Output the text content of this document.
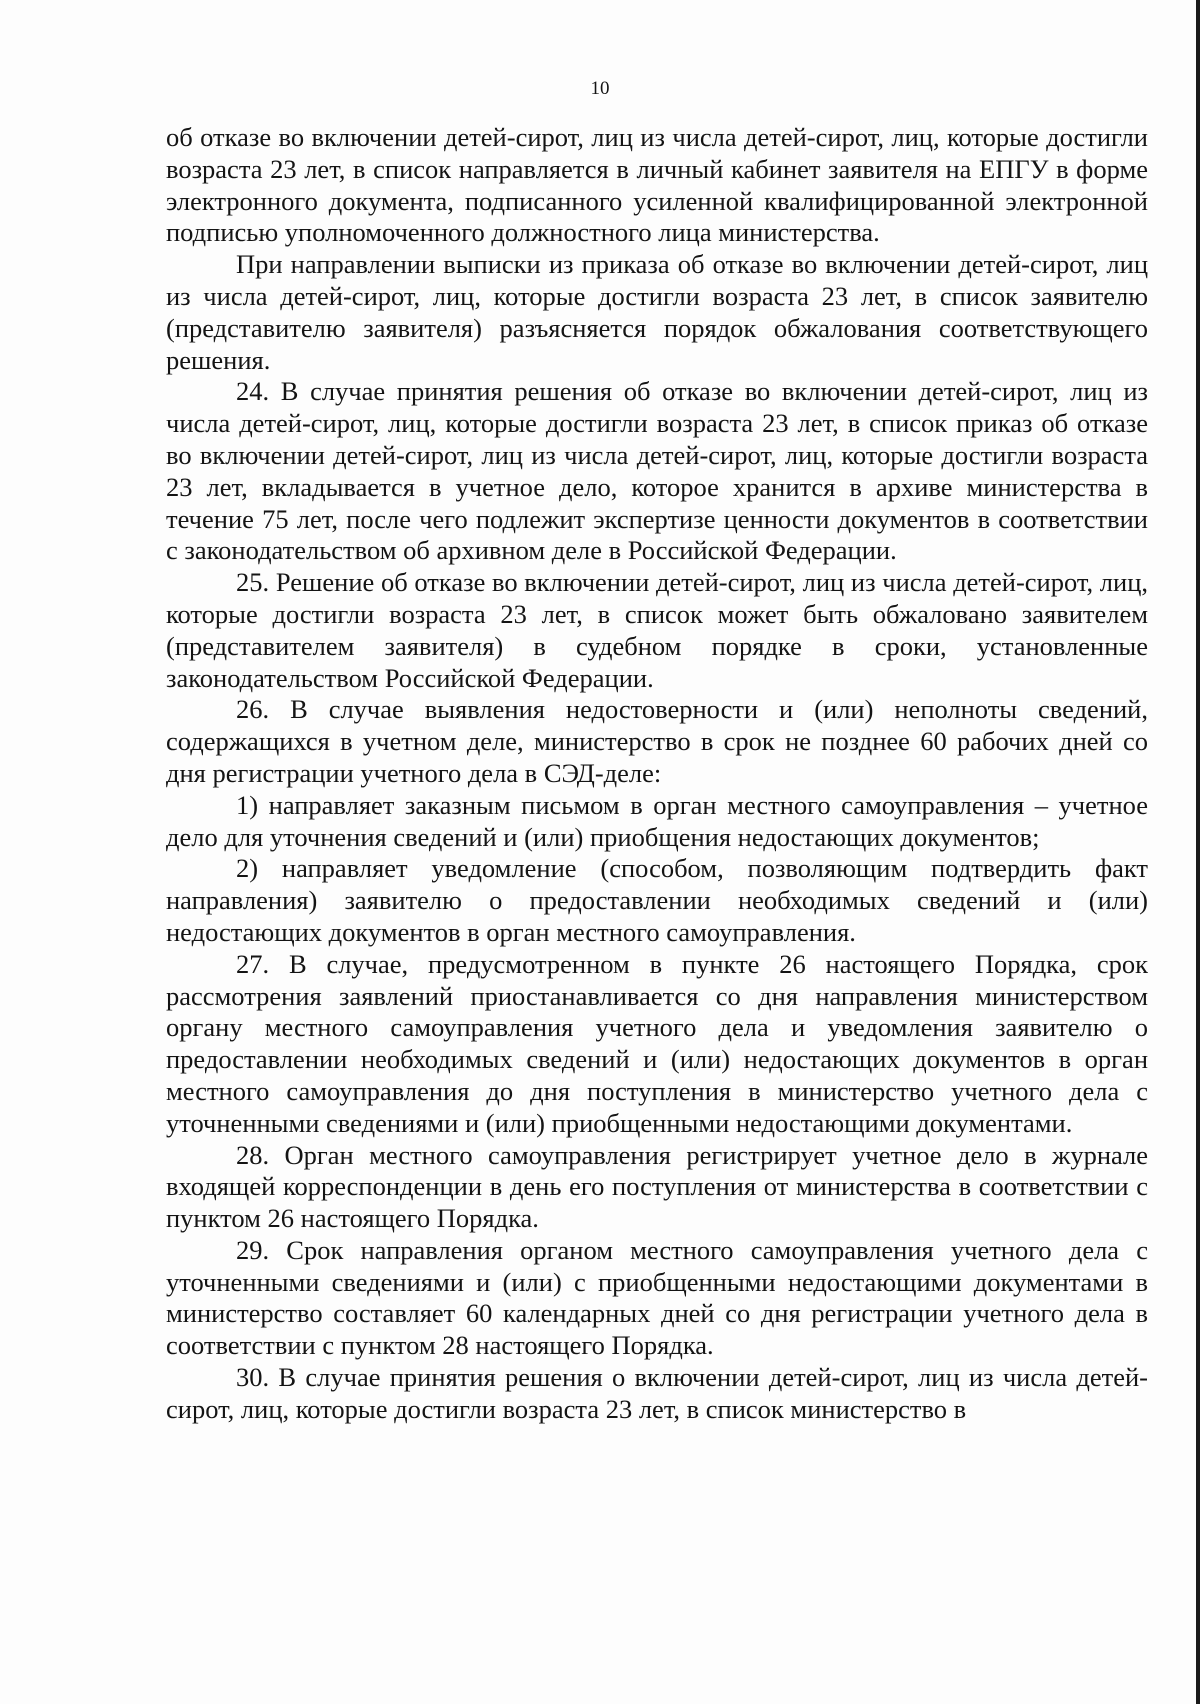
10

об отказе во включении детей-сирот, лиц из числа детей-сирот, лиц, которые достигли возраста 23 лет, в список направляется в личный кабинет заявителя на ЕПГУ в форме электронного документа, подписанного усиленной квалифицированной электронной подписью уполномоченного должностного лица министерства.

При направлении выписки из приказа об отказе во включении детей-сирот, лиц из числа детей-сирот, лиц, которые достигли возраста 23 лет, в список заявителю (представителю заявителя) разъясняется порядок обжалования соответствующего решения.

24. В случае принятия решения об отказе во включении детей-сирот, лиц из числа детей-сирот, лиц, которые достигли возраста 23 лет, в список приказ об отказе во включении детей-сирот, лиц из числа детей-сирот, лиц, которые достигли возраста 23 лет, вкладывается в учетное дело, которое хранится в архиве министерства в течение 75 лет, после чего подлежит экспертизе ценности документов в соответствии с законодательством об архивном деле в Российской Федерации.

25. Решение об отказе во включении детей-сирот, лиц из числа детей-сирот, лиц, которые достигли возраста 23 лет, в список может быть обжаловано заявителем (представителем заявителя) в судебном порядке в сроки, установленные законодательством Российской Федерации.

26. В случае выявления недостоверности и (или) неполноты сведений, содержащихся в учетном деле, министерство в срок не позднее 60 рабочих дней со дня регистрации учетного дела в СЭД-деле:

1) направляет заказным письмом в орган местного самоуправления – учетное дело для уточнения сведений и (или) приобщения недостающих документов;

2) направляет уведомление (способом, позволяющим подтвердить факт направления) заявителю о предоставлении необходимых сведений и (или) недостающих документов в орган местного самоуправления.

27. В случае, предусмотренном в пункте 26 настоящего Порядка, срок рассмотрения заявлений приостанавливается со дня направления министерством органу местного самоуправления учетного дела и уведомления заявителю о предоставлении необходимых сведений и (или) недостающих документов в орган местного самоуправления до дня поступления в министерство учетного дела с уточненными сведениями и (или) приобщенными недостающими документами.

28. Орган местного самоуправления регистрирует учетное дело в журнале входящей корреспонденции в день его поступления от министерства в соответствии с пунктом 26 настоящего Порядка.

29. Срок направления органом местного самоуправления учетного дела с уточненными сведениями и (или) с приобщенными недостающими документами в министерство составляет 60 календарных дней со дня регистрации учетного дела в соответствии с пунктом 28 настоящего Порядка.

30. В случае принятия решения о включении детей-сирот, лиц из числа детей-сирот, лиц, которые достигли возраста 23 лет, в список министерство в
